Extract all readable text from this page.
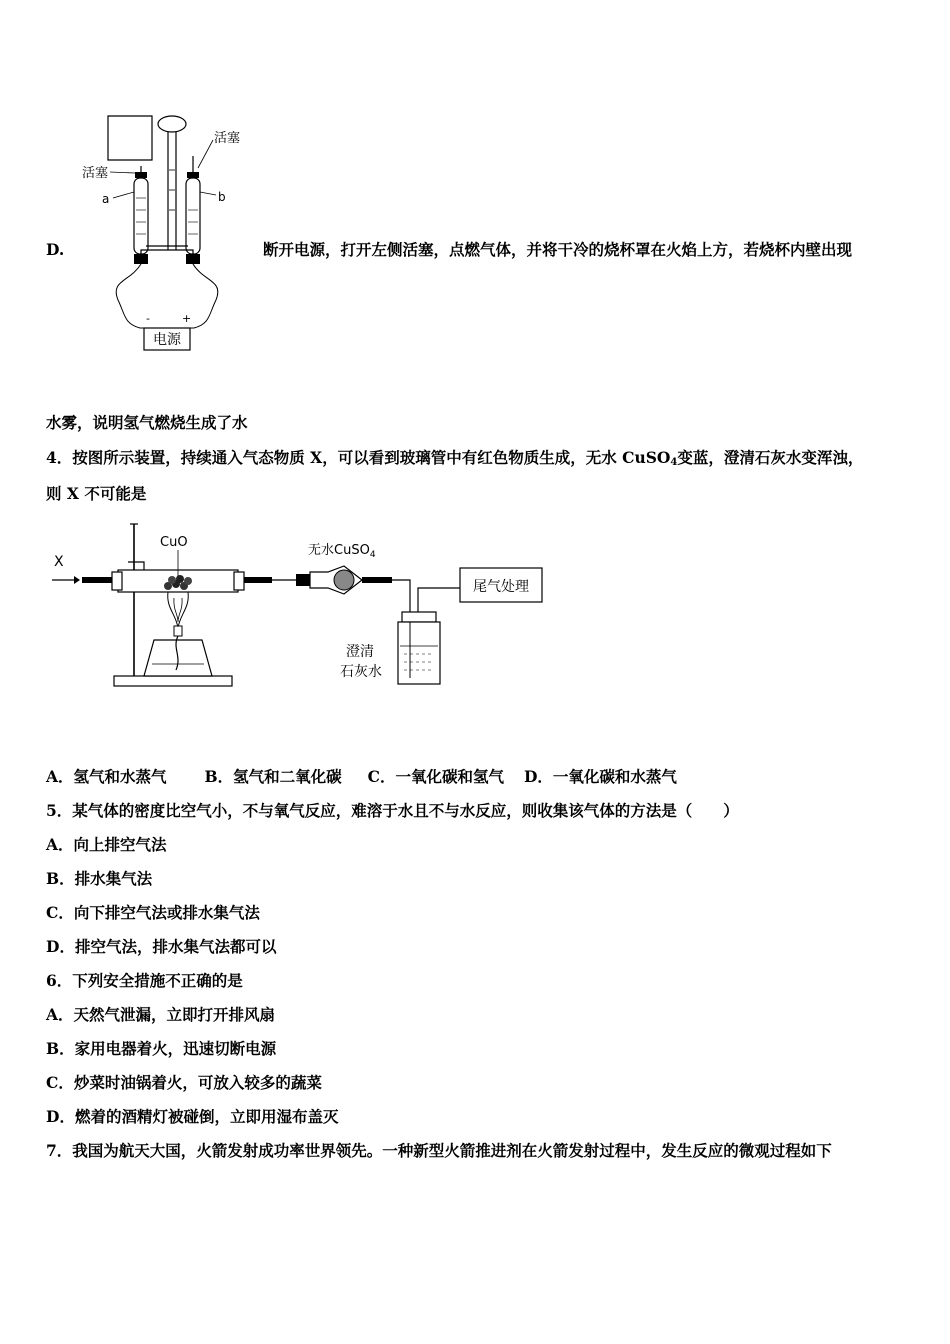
D.
电源
-	+
活塞
活塞
a	b
断开电源，打开左侧活塞，点燃气体，并将干冷的烧杯罩在火焰上方，若烧杯内壁出现
水雾，说明氢气燃烧生成了水
4．按图所示装置，持续通入气态物质 X，可以看到玻璃管中有红色物质生成，无水 CuSO$_4$变蓝，澄清石灰水变浑浊，
则 X 不可能是
X
CuO
无水CuSO$_4$
澄清
石灰水
尾气处理
A．氢气和水蒸气 B．氢气和二氧化碳 C．一氧化碳和氢气 D．一氧化碳和水蒸气
5．某气体的密度比空气小，不与氧气反应，难溶于水且不与水反应，则收集该气体的方法是（　　）
A．向上排空气法
B．排水集气法
C．向下排空气法或排水集气法
D．排空气法，排水集气法都可以
6．下列安全措施不正确的是
A．天然气泄漏，立即打开排风扇
B．家用电器着火，迅速切断电源
C．炒菜时油锅着火，可放入较多的蔬菜
D．燃着的酒精灯被碰倒，立即用湿布盖灭
7．我国为航天大国，火箭发射成功率世界领先。一种新型火箭推进剂在火箭发射过程中，发生反应的微观过程如下
